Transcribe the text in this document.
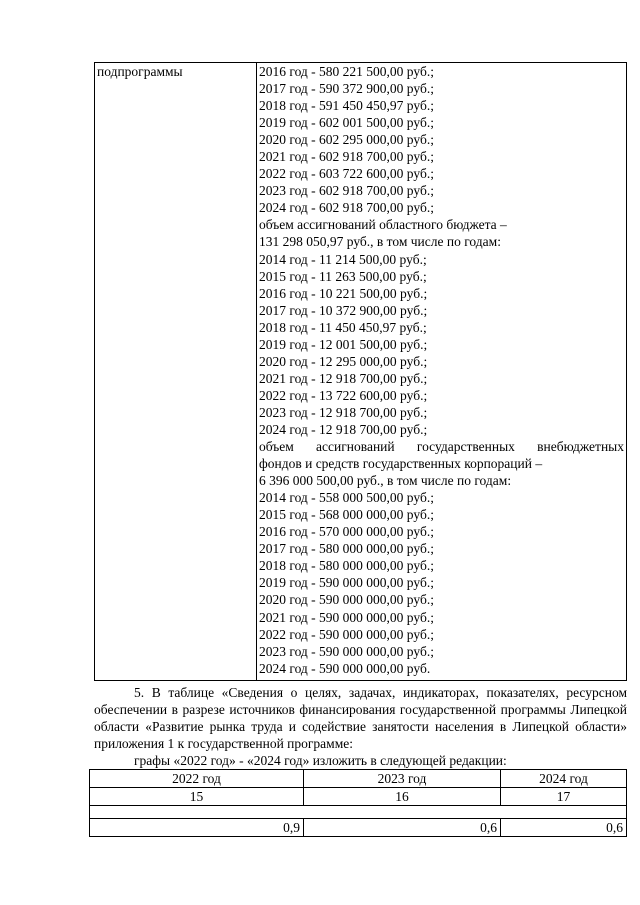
подпрограммы	2016 год - 580 221 500,00 руб.;
2017 год - 590 372 900,00 руб.;
2018 год - 591 450 450,97 руб.;
2019 год - 602 001 500,00 руб.;
2020 год - 602 295 000,00 руб.;
2021 год - 602 918 700,00 руб.;
2022 год - 603 722 600,00 руб.;
2023 год - 602 918 700,00 руб.;
2024 год - 602 918 700,00 руб.;
объем ассигнований областного бюджета –
131 298 050,97 руб., в том числе по годам:
2014 год - 11 214 500,00 руб.;
2015 год - 11 263 500,00 руб.;
2016 год - 10 221 500,00 руб.;
2017 год - 10 372 900,00 руб.;
2018 год - 11 450 450,97 руб.;
2019 год - 12 001 500,00 руб.;
2020 год - 12 295 000,00 руб.;
2021 год - 12 918 700,00 руб.;
2022 год - 13 722 600,00 руб.;
2023 год - 12 918 700,00 руб.;
2024 год - 12 918 700,00 руб.;
объем ассигнований государственных внебюджетных
фондов и средств государственных корпораций –
6 396 000 500,00 руб., в том числе по годам:
2014 год - 558 000 500,00 руб.;
2015 год - 568 000 000,00 руб.;
2016 год - 570 000 000,00 руб.;
2017 год - 580 000 000,00 руб.;
2018 год - 580 000 000,00 руб.;
2019 год - 590 000 000,00 руб.;
2020 год - 590 000 000,00 руб.;
2021 год - 590 000 000,00 руб.;
2022 год - 590 000 000,00 руб.;
2023 год - 590 000 000,00 руб.;
2024 год - 590 000 000,00 руб.
5. В таблице «Сведения о целях, задачах, индикаторах, показателях, ресурсном обеспечении в разрезе источников финансирования государственной программы Липецкой области «Развитие рынка труда и содействие занятости населения в Липецкой области» приложения 1 к государственной программе:
графы «2022 год» - «2024 год» изложить в следующей редакции:
2022 год	2023 год	2024 год
15	16	17

0,9	0,6	0,6
